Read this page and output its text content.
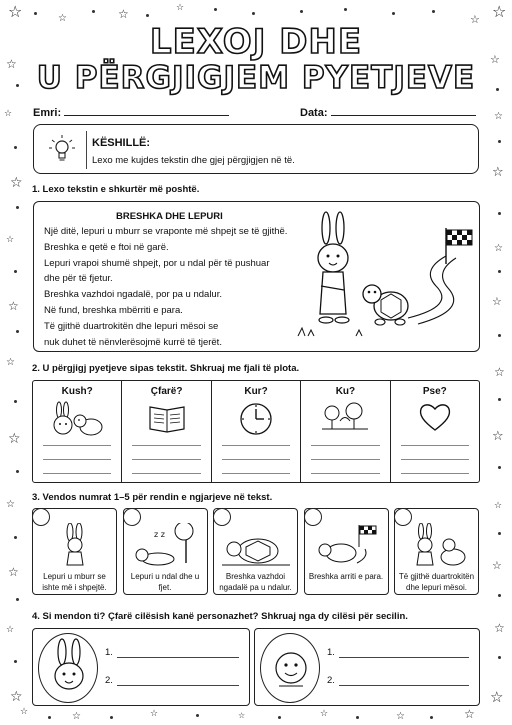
☆	☆	☆	☆
☆ ☆
☆	☆
☆	☆
☆
☆
☆
☆
☆	☆
☆
☆
☆	☆
☆	☆
☆	☆
☆	☆
☆
☆	☆	☆	☆	☆	☆	☆
☆
LEXOJ DHE
U PËRGJIGJEM PYETJEVE
Emri:	Data:
KËSHILLË:
Lexo me kujdes tekstin dhe gjej përgjigjen në të.
1. Lexo tekstin e shkurtër më poshtë.
BRESHKA DHE LEPURI
Një ditë, lepuri u mburr se vraponte më shpejt se të gjithë.
Breshka e qetë e ftoi në garë.
Lepuri vrapoi shumë shpejt, por u ndal për të pushuar
dhe për të fjetur.
Breshka vazhdoi ngadalë, por pa u ndalur.
Në fund, breshka mbërriti e para.
Të gjithë duartrokitën dhe lepuri mësoi se
nuk duhet të nënvlerësojmë kurrë të tjerët.
2. U përgjigj pyetjeve sipas tekstit. Shkruaj me fjali të plota.
Kush?	Çfarë?	Kur?	Ku?	Pse?
3. Vendos numrat 1–5 për rendin e ngjarjeve në tekst.
Lepuri u mburr se ishte më i shpejtë.
z z
Lepuri u ndal dhe u fjet.
Breshka vazhdoi ngadalë pa u ndalur.
Breshka arriti e para. Të gjithë duartrokitën dhe lepuri mësoi.
4. Si mendon ti? Çfarë cilësish kanë personazhet? Shkruaj nga dy cilësi për secilin.
1.
2.
1.
2.
